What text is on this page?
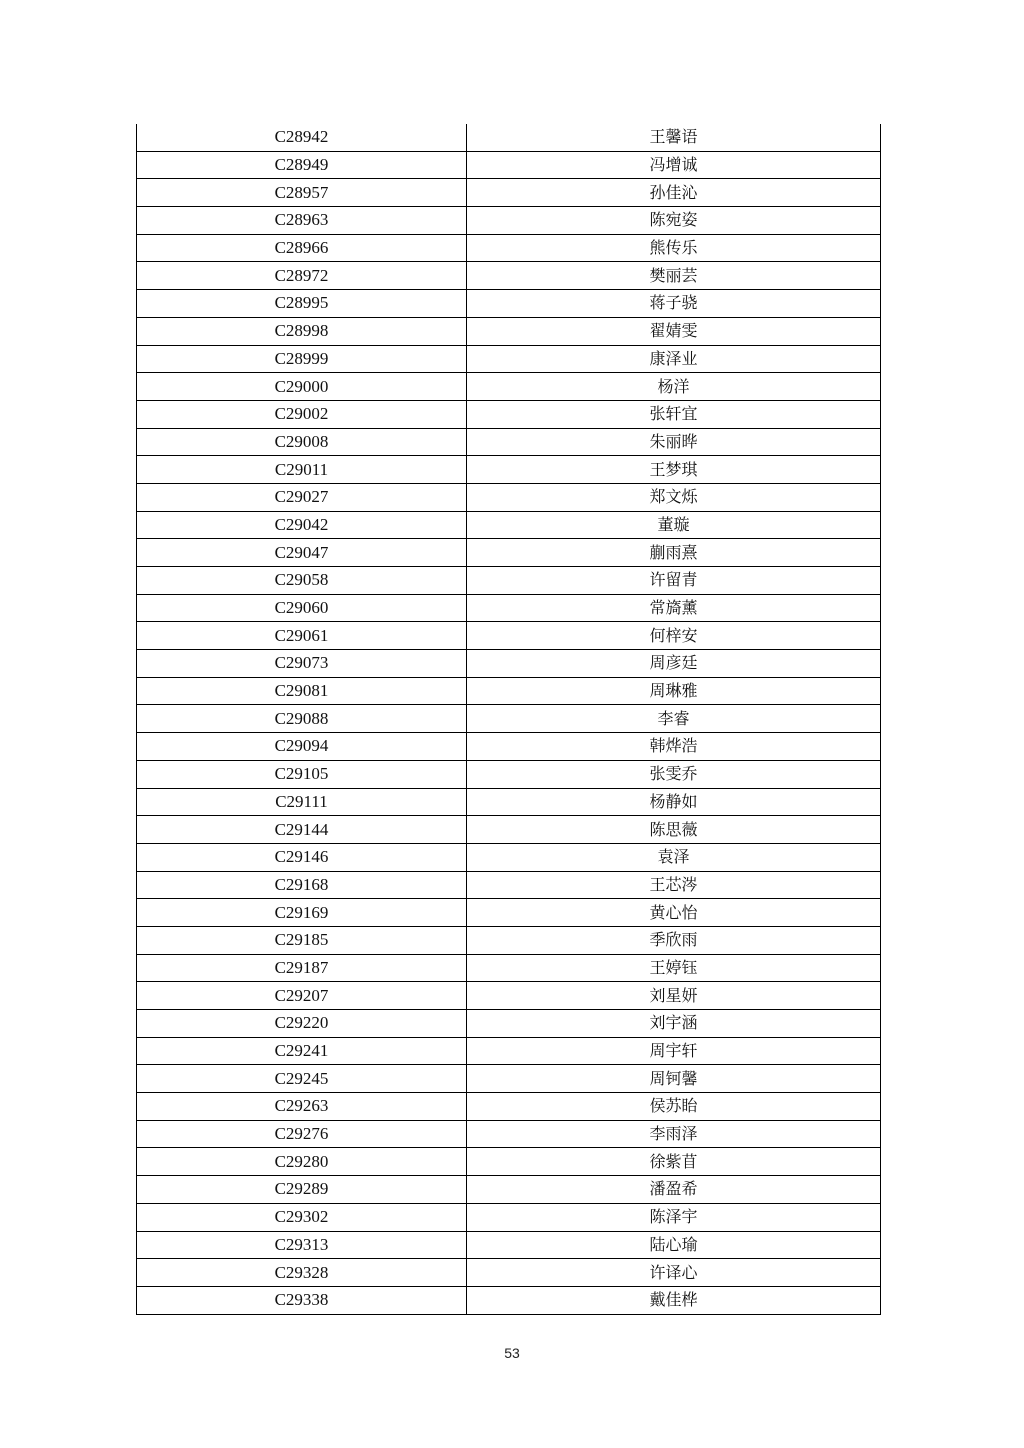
C28942	王馨语
C28949	冯增诚
C28957	孙佳沁
C28963	陈宛姿
C28966	熊传乐
C28972	樊丽芸
C28995	蒋子骁
C28998	翟婧雯
C28999	康泽业
C29000	杨洋
C29002	张轩宜
C29008	朱丽晔
C29011	王梦琪
C29027	郑文烁
C29042	董璇
C29047	蒯雨熹
C29058	许留青
C29060	常旖薰
C29061	何梓安
C29073	周彦廷
C29081	周琳雅
C29088	李睿
C29094	韩烨浩
C29105	张雯乔
C29111	杨静如
C29144	陈思薇
C29146	袁泽
C29168	王芯涔
C29169	黄心怡
C29185	季欣雨
C29187	王婷钰
C29207	刘星妍
C29220	刘宇涵
C29241	周宇轩
C29245	周钶馨
C29263	侯苏眙
C29276	李雨泽
C29280	徐紫苜
C29289	潘盈希
C29302	陈泽宇
C29313	陆心瑜
C29328	许译心
C29338	戴佳桦
53
